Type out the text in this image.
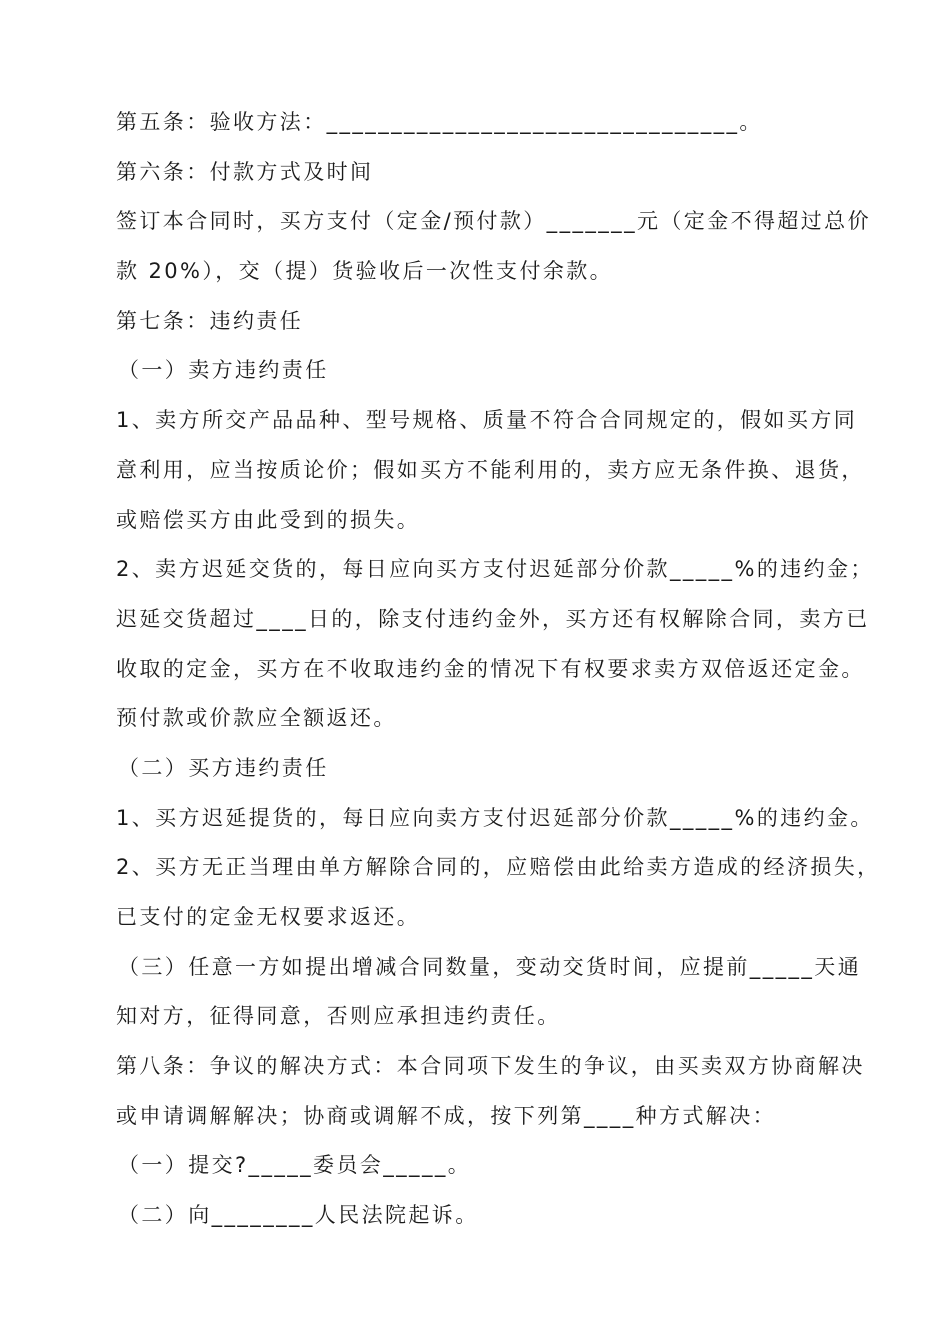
第五条：验收方法：________________________________。
第六条：付款方式及时间
签订本合同时，买方支付（定金/预付款）_______元（定金不得超过总价
款 20%），交（提）货验收后一次性支付余款。
第七条：违约责任
（一）卖方违约责任
1、卖方所交产品品种、型号规格、质量不符合合同规定的，假如买方同
意利用，应当按质论价；假如买方不能利用的，卖方应无条件换、退货，
或赔偿买方由此受到的损失。
2、卖方迟延交货的，每日应向买方支付迟延部分价款_____%的违约金；
迟延交货超过____日的，除支付违约金外，买方还有权解除合同，卖方已
收取的定金，买方在不收取违约金的情况下有权要求卖方双倍返还定金。
预付款或价款应全额返还。
（二）买方违约责任
1、买方迟延提货的，每日应向卖方支付迟延部分价款_____%的违约金。
2、买方无正当理由单方解除合同的，应赔偿由此给卖方造成的经济损失，
已支付的定金无权要求返还。
（三）任意一方如提出增减合同数量，变动交货时间，应提前_____天通
知对方，征得同意，否则应承担违约责任。
第八条：争议的解决方式：本合同项下发生的争议，由买卖双方协商解决
或申请调解解决；协商或调解不成，按下列第____种方式解决：
（一）提交?_____委员会_____。
（二）向________人民法院起诉。
